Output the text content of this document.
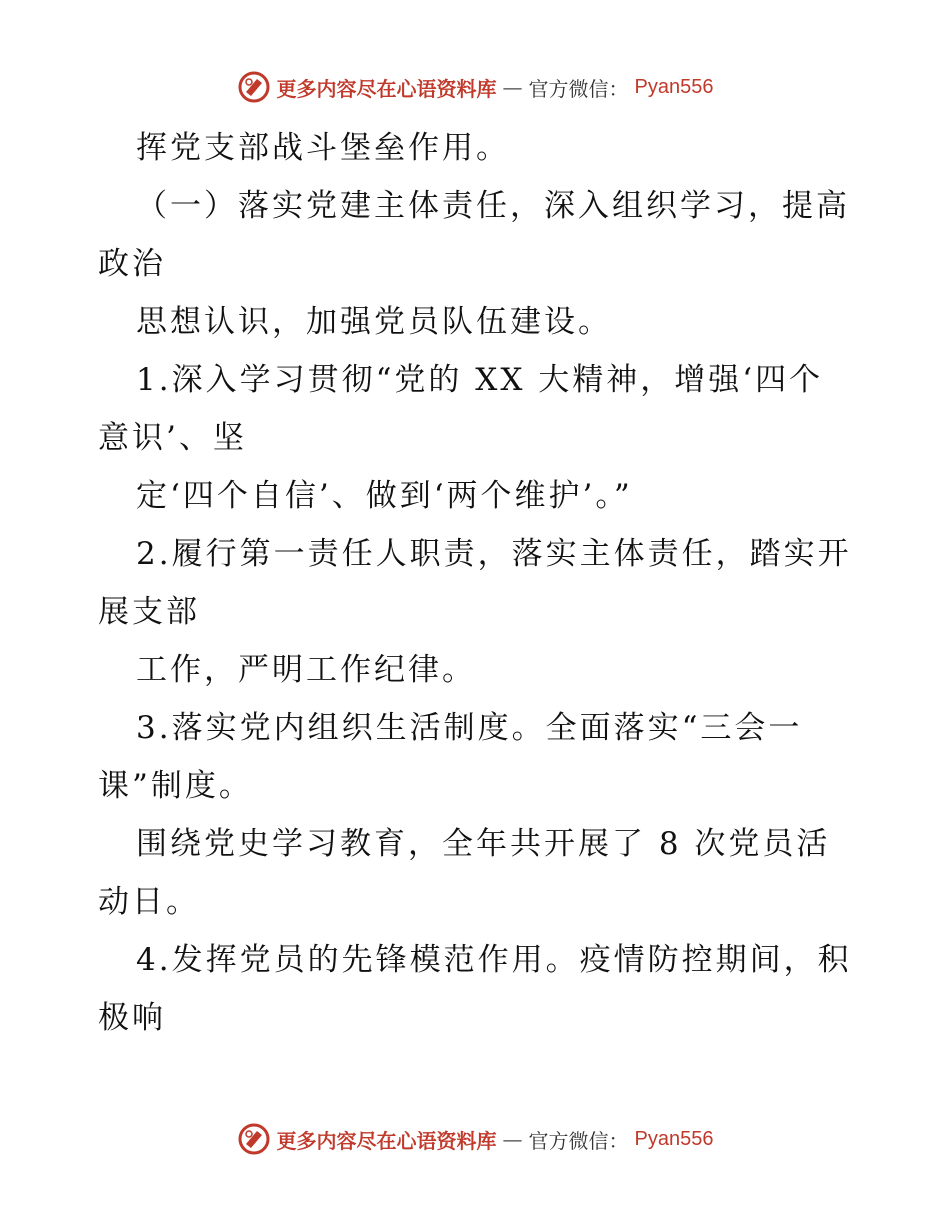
更多内容尽在心语资料库 — 官方微信： Pyan556
挥党支部战斗堡垒作用。
（一）落实党建主体责任，深入组织学习，提高
政治
思想认识，加强党员队伍建设。
1.深入学习贯彻“党的 XX 大精神，增强‘四个
意识’、坚
定‘四个自信’、做到‘两个维护’。”
2.履行第一责任人职责，落实主体责任，踏实开
展支部
工作，严明工作纪律。
3.落实党内组织生活制度。全面落实“三会一
课”制度。
围绕党史学习教育，全年共开展了 8 次党员活
动日。
4.发挥党员的先锋模范作用。疫情防控期间，积
极响
更多内容尽在心语资料库 — 官方微信： Pyan556
